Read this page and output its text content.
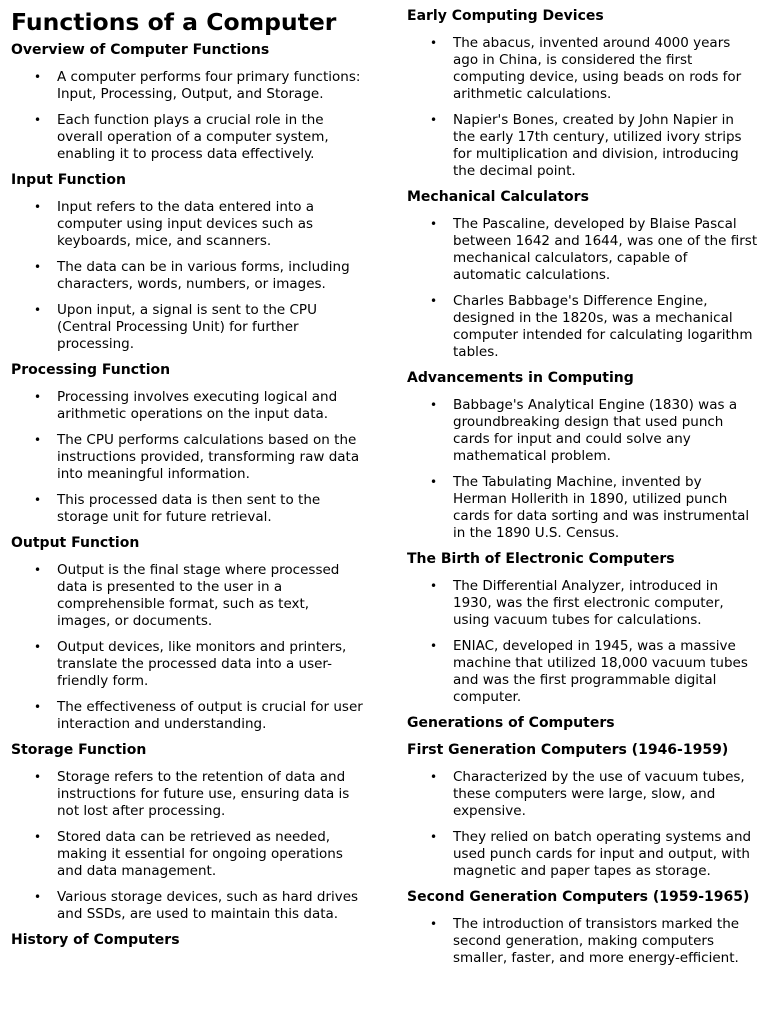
Functions of a Computer
Overview of Computer Functions
• A computer performs four primary functions: Input, Processing, Output, and Storage.
• Each function plays a crucial role in the overall operation of a computer system, enabling it to process data effectively.
Input Function
• Input refers to the data entered into a computer using input devices such as keyboards, mice, and scanners.
• The data can be in various forms, including characters, words, numbers, or images.
• Upon input, a signal is sent to the CPU (Central Processing Unit) for further processing.
Processing Function
• Processing involves executing logical and arithmetic operations on the input data.
• The CPU performs calculations based on the instructions provided, transforming raw data into meaningful information.
• This processed data is then sent to the storage unit for future retrieval.
Output Function
• Output is the final stage where processed data is presented to the user in a comprehensible format, such as text, images, or documents.
• Output devices, like monitors and printers, translate the processed data into a user-friendly form.
• The effectiveness of output is crucial for user interaction and understanding.
Storage Function
• Storage refers to the retention of data and instructions for future use, ensuring data is not lost after processing.
• Stored data can be retrieved as needed, making it essential for ongoing operations and data management.
• Various storage devices, such as hard drives and SSDs, are used to maintain this data.
History of Computers
Early Computing Devices
• The abacus, invented around 4000 years ago in China, is considered the first computing device, using beads on rods for arithmetic calculations.
• Napier's Bones, created by John Napier in the early 17th century, utilized ivory strips for multiplication and division, introducing the decimal point.
Mechanical Calculators
• The Pascaline, developed by Blaise Pascal between 1642 and 1644, was one of the first mechanical calculators, capable of automatic calculations.
• Charles Babbage's Difference Engine, designed in the 1820s, was a mechanical computer intended for calculating logarithm tables.
Advancements in Computing
• Babbage's Analytical Engine (1830) was a groundbreaking design that used punch cards for input and could solve any mathematical problem.
• The Tabulating Machine, invented by Herman Hollerith in 1890, utilized punch cards for data sorting and was instrumental in the 1890 U.S. Census.
The Birth of Electronic Computers
• The Differential Analyzer, introduced in 1930, was the first electronic computer, using vacuum tubes for calculations.
• ENIAC, developed in 1945, was a massive machine that utilized 18,000 vacuum tubes and was the first programmable digital computer.
Generations of Computers
First Generation Computers (1946-1959)
• Characterized by the use of vacuum tubes, these computers were large, slow, and expensive.
• They relied on batch operating systems and used punch cards for input and output, with magnetic and paper tapes as storage.
Second Generation Computers (1959-1965)
• The introduction of transistors marked the second generation, making computers smaller, faster, and more energy-efficient.
